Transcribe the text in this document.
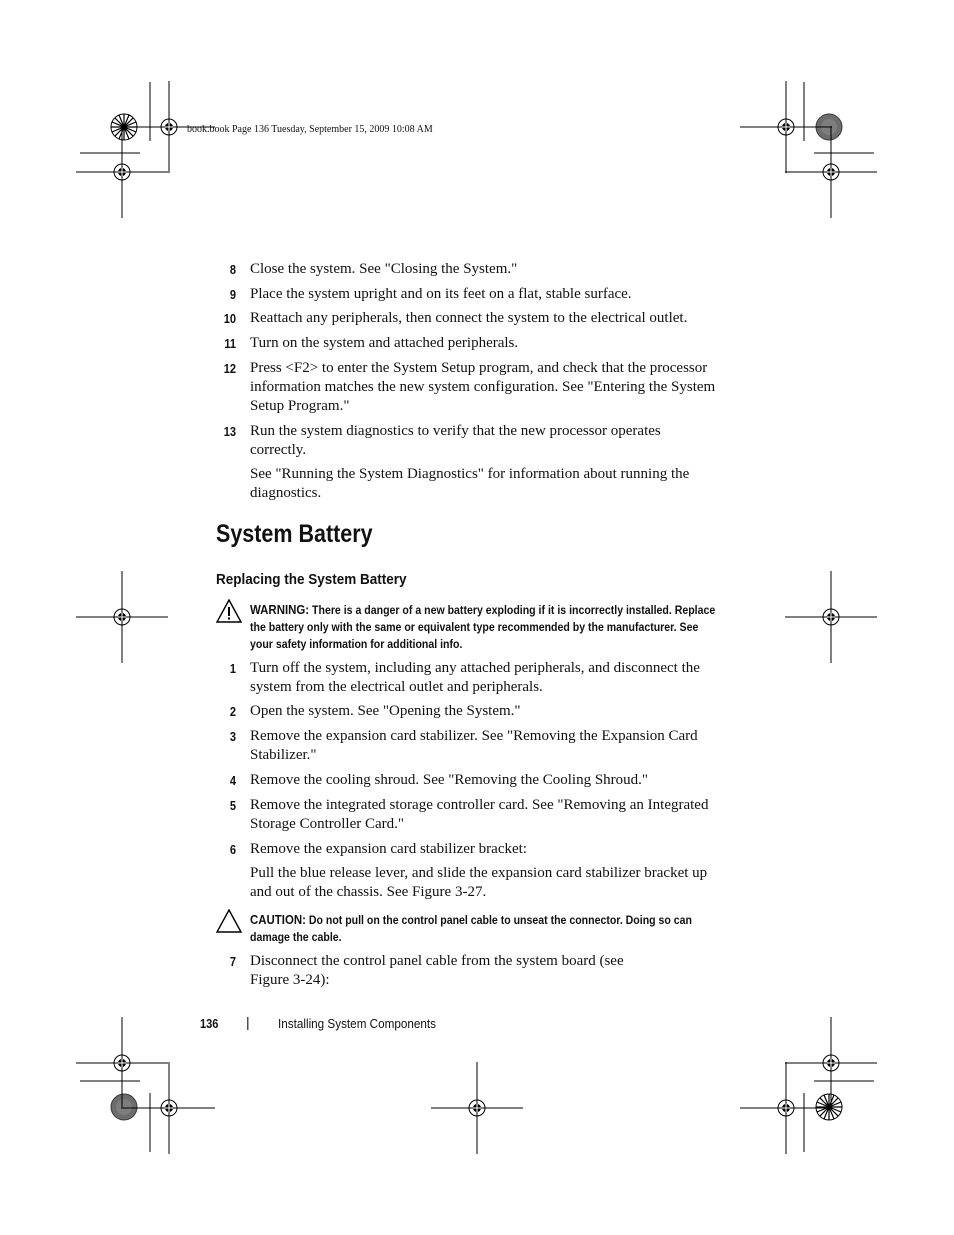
book.book Page 136 Tuesday, September 15, 2009 10:08 AM
8 Close the system. See "Closing the System."
9 Place the system upright and on its feet on a flat, stable surface.
10 Reattach any peripherals, then connect the system to the electrical outlet.
11 Turn on the system and attached peripherals.
12 Press <F2> to enter the System Setup program, and check that the processor information matches the new system configuration. See "Entering the System Setup Program."
13 Run the system diagnostics to verify that the new processor operates correctly.
See "Running the System Diagnostics" for information about running the diagnostics.
System Battery
Replacing the System Battery
WARNING: There is a danger of a new battery exploding if it is incorrectly installed. Replace the battery only with the same or equivalent type recommended by the manufacturer. See your safety information for additional info.
1 Turn off the system, including any attached peripherals, and disconnect the system from the electrical outlet and peripherals.
2 Open the system. See "Opening the System."
3 Remove the expansion card stabilizer. See "Removing the Expansion Card Stabilizer."
4 Remove the cooling shroud. See "Removing the Cooling Shroud."
5 Remove the integrated storage controller card. See "Removing an Integrated Storage Controller Card."
6 Remove the expansion card stabilizer bracket:
Pull the blue release lever, and slide the expansion card stabilizer bracket up and out of the chassis. See Figure 3-27.
CAUTION: Do not pull on the control panel cable to unseat the connector. Doing so can damage the cable.
7 Disconnect the control panel cable from the system board (see Figure 3-24):
136 | Installing System Components
